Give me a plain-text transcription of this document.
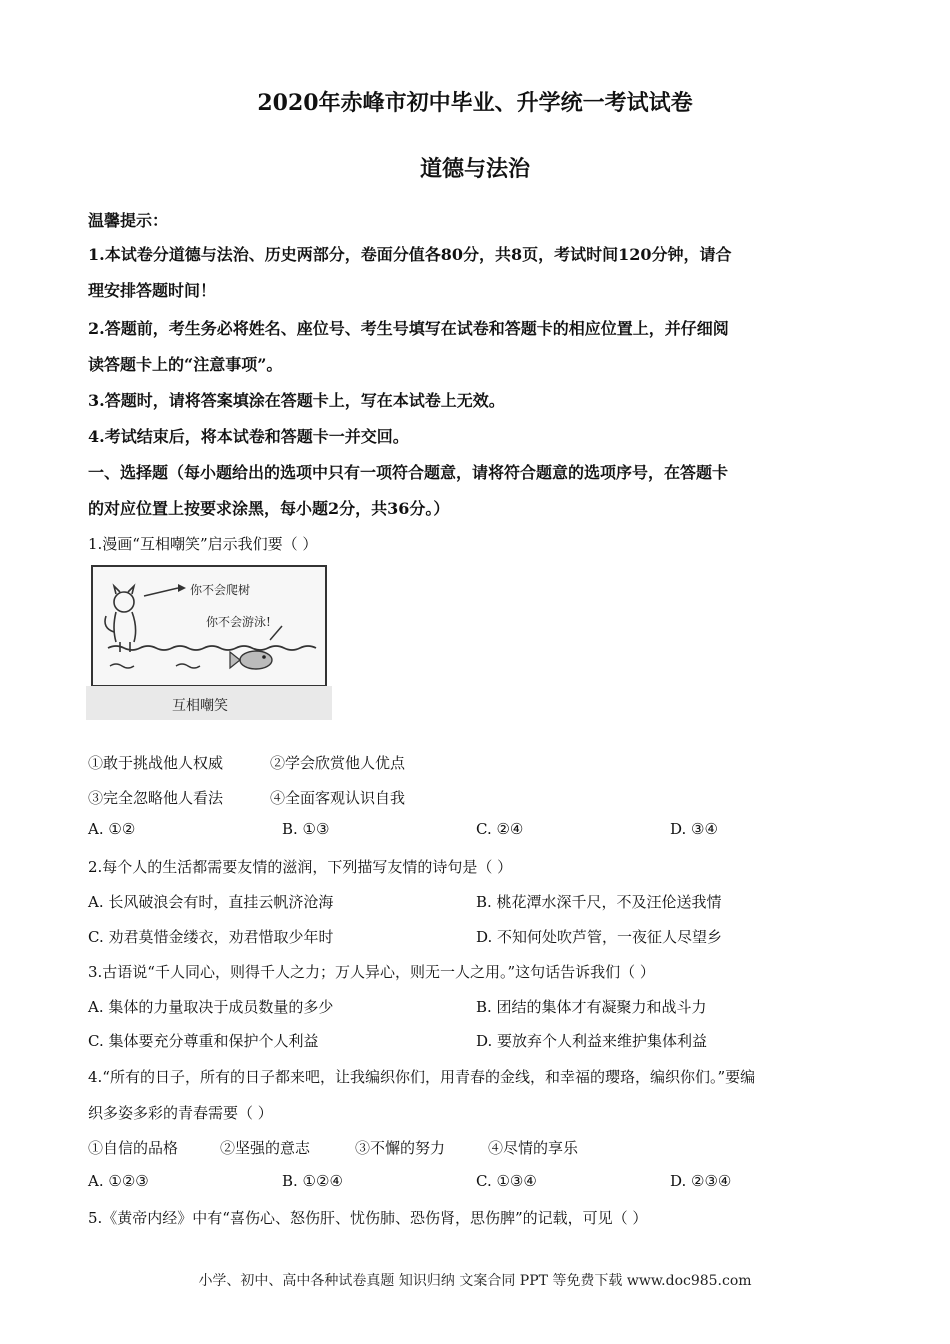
2020年赤峰市初中毕业、升学统一考试试卷
道德与法治
温馨提示：
1.本试卷分道德与法治、历史两部分，卷面分值各80分，共8页，考试时间120分钟，请合
理安排答题时间！
2.答题前，考生务必将姓名、座位号、考生号填写在试卷和答题卡的相应位置上，并仔细阅
读答题卡上的“注意事项”。
3.答题时，请将答案填涂在答题卡上，写在本试卷上无效。
4.考试结束后，将本试卷和答题卡一并交回。
一、选择题（每小题给出的选项中只有一项符合题意，请将符合题意的选项序号，在答题卡
的对应位置上按要求涂黑，每小题2分，共36分。）
1.漫画“互相嘲笑”启示我们要（ ）
你不会爬树
你不会游泳!
互相嘲笑
①敢于挑战他人权威	②学会欣赏他人优点
③完全忽略他人看法	④全面客观认识自我
A. ①②	B. ①③	C. ②④	D. ③④
2.每个人的生活都需要友情的滋润，下列描写友情的诗句是（ ）
A. 长风破浪会有时，直挂云帆济沧海	B. 桃花潭水深千尺，不及汪伦送我情
C. 劝君莫惜金缕衣，劝君惜取少年时	D. 不知何处吹芦管，一夜征人尽望乡
3.古语说“千人同心，则得千人之力；万人异心，则无一人之用。”这句话告诉我们（ ）
A. 集体的力量取决于成员数量的多少	B. 团结的集体才有凝聚力和战斗力
C. 集体要充分尊重和保护个人利益	D. 要放弃个人利益来维护集体利益
4.“所有的日子，所有的日子都来吧，让我编织你们，用青春的金线，和幸福的璎珞，编织你们。”要编
织多姿多彩的青春需要（ ）
①自信的品格	②坚强的意志	③不懈的努力	④尽情的享乐
A. ①②③	B. ①②④	C. ①③④	D. ②③④
5.《黄帝内经》中有“喜伤心、怒伤肝、忧伤肺、恐伤肾，思伤脾”的记载，可见（ ）
小学、初中、高中各种试卷真题 知识归纳 文案合同 PPT 等免费下载 www.doc985.com
